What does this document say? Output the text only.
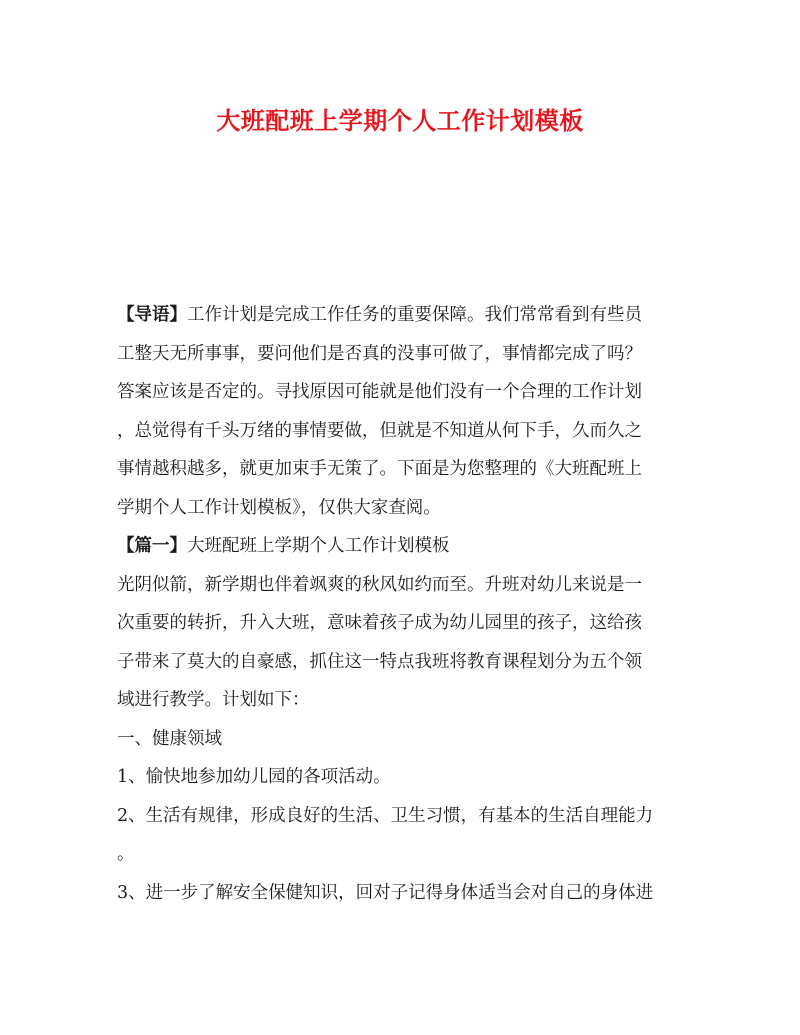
大班配班上学期个人工作计划模板
【导语】工作计划是完成工作任务的重要保障。我们常常看到有些员
工整天无所事事，要问他们是否真的没事可做了，事情都完成了吗？
答案应该是否定的。寻找原因可能就是他们没有一个合理的工作计划
，总觉得有千头万绪的事情要做，但就是不知道从何下手，久而久之
事情越积越多，就更加束手无策了。下面是为您整理的《大班配班上
学期个人工作计划模板》，仅供大家查阅。
【篇一】大班配班上学期个人工作计划模板
光阴似箭，新学期也伴着飒爽的秋风如约而至。升班对幼儿来说是一
次重要的转折，升入大班，意味着孩子成为幼儿园里的孩子，这给孩
子带来了莫大的自豪感，抓住这一特点我班将教育课程划分为五个领
域进行教学。计划如下：
一、健康领域
1、愉快地参加幼儿园的各项活动。
2、生活有规律，形成良好的生活、卫生习惯，有基本的生活自理能力
。
3、进一步了解安全保健知识，回对子记得身体适当会对自己的身体进
